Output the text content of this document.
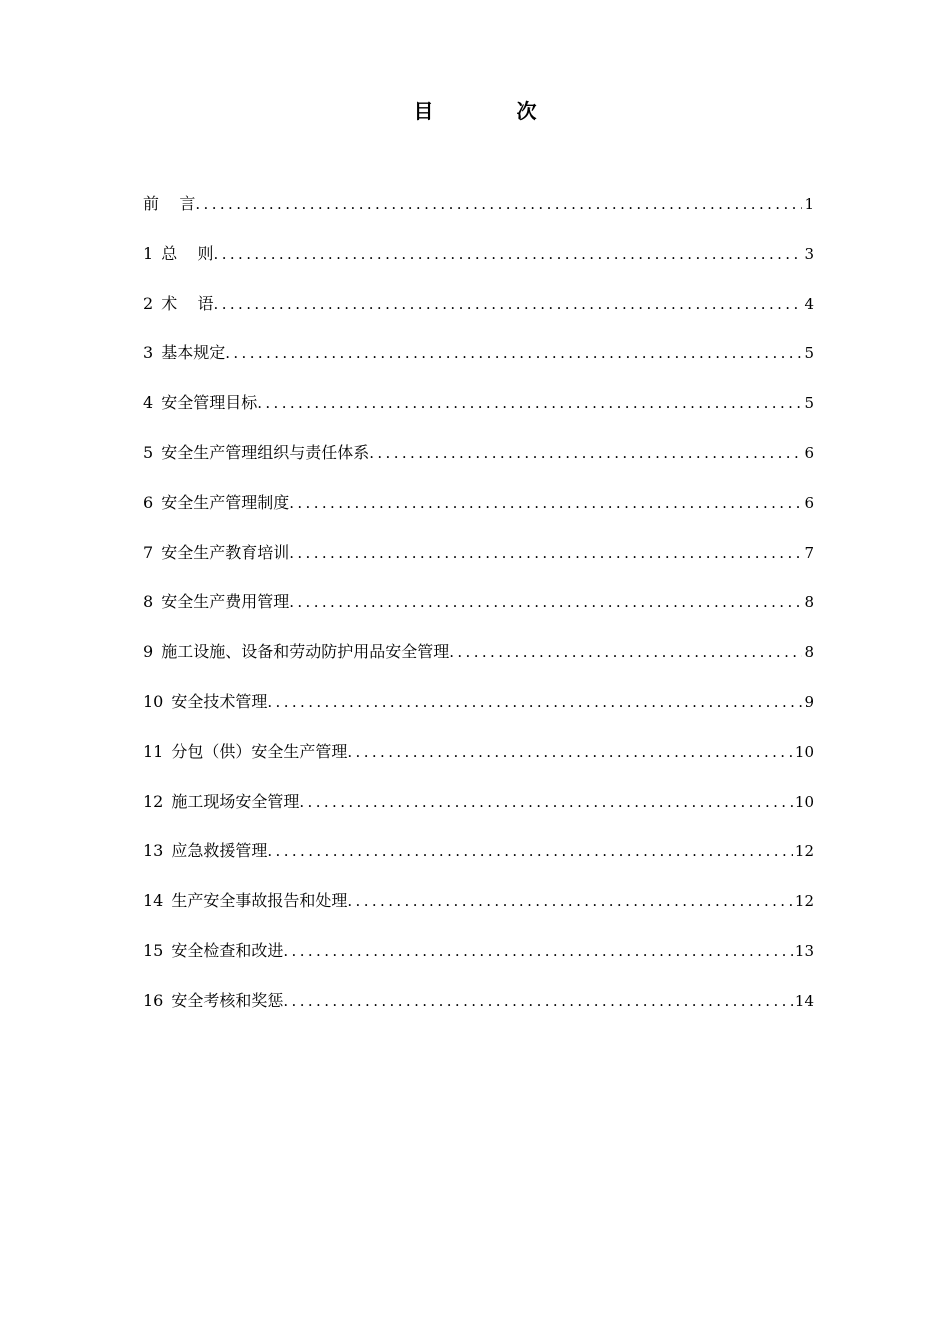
目 次
前    言 .....	1
1 总    则 .....	3
2 术    语 .....	4
3 基本规定 .....	5
4 安全管理目标 .....	5
5 安全生产管理组织与责任体系 .....	6
6 安全生产管理制度 .....	6
7 安全生产教育培训 .....	7
8 安全生产费用管理 .....	8
9 施工设施、设备和劳动防护用品安全管理 .....	8
10 安全技术管理 .....	9
11 分包（供）安全生产管理 .....	10
12 施工现场安全管理 .....	10
13 应急救援管理 .....	12
14 生产安全事故报告和处理 .....	12
15 安全检查和改进 .....	13
16 安全考核和奖惩 .....	14
